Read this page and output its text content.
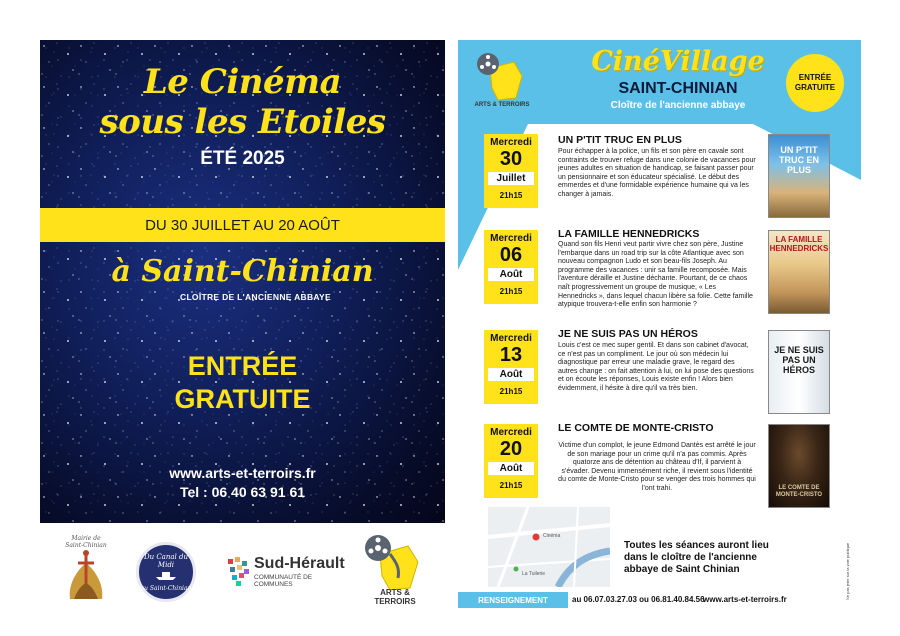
Le Cinéma
sous les Etoiles
ÉTÉ 2025
DU 30 JUILLET AU 20 AOÛT
à Saint-Chinian
CLOÎTRE DE L'ANCIENNE ABBAYE
ENTRÉE
GRATUITE
www.arts-et-terroirs.fr
Tel : 06 40 63 91 61
Mairie de
Saint-Chinian
Du Canal du Midi
au Saint-Chinian
Sud-Hérault
COMMUNAUTÉ DE COMMUNES
ARTS & TERROIRS
ARTS & TERROIRS
CinéVillage
SAINT-CHINIAN
Cloître de l'ancienne abbaye
ENTRÉE
GRATUITE
Mercredi
30
Juillet
21h15
UN P'TIT TRUC EN PLUS
Pour échapper à la police, un fils et son père en cavale sont contraints de trouver refuge dans une colonie de vacances pour jeunes adultes en situation de handicap, se faisant passer pour un pensionnaire et son éducateur spécialisé. Le début des emmerdes et d'une formidable expérience humaine qui va les changer à jamais.
UN P'TIT TRUC EN PLUS
Mercredi
06
Août
21h15
LA FAMILLE HENNEDRICKS
Quand son fils Henri veut partir vivre chez son père, Justine l'embarque dans un road trip sur la côte Atlantique avec son nouveau compagnon Ludo et son beau-fils Joseph. Au programme des vacances : unir sa famille recomposée. Mais l'aventure déraille et Justine déchante. Pourtant, de ce chaos naît progressivement un groupe de musique, « Les Hennedricks », dans lequel chacun libère sa folie. Cette famille atypique trouvera-t-elle enfin son harmonie ?
LA FAMILLE HENNEDRICKS
Mercredi
13
Août
21h15
JE NE SUIS PAS UN HÉROS
Louis c'est ce mec super gentil. Et dans son cabinet d'avocat, ce n'est pas un compliment. Le jour où son médecin lui diagnostique par erreur une maladie grave, le regard des autres change : on fait attention à lui, on lui pose des questions et on écoute les réponses, Louis existe enfin ! Alors bien évidemment, il hésite à dire qu'il va très bien.
JE NE SUIS PAS UN HÉROS
Mercredi
20
Août
21h15
LE COMTE DE MONTE-CRISTO
Victime d'un complot, le jeune Edmond Dantès est arrêté le jour de son mariage pour un crime qu'il n'a pas commis. Après quatorze ans de détention au château d'If, il parvient à s'évader. Devenu immensément riche, il revient sous l'identité du comte de Monte-Cristo pour se venger des trois hommes qui l'ont trahi.	LE COMTE DE MONTE-CRISTO
La Tuilerie
Cinéma
Toutes les séances auront lieu dans le cloître de l'ancienne abbaye de Saint Chinian
RENSEIGNEMENT	au 06.07.03.27.03 ou 06.81.40.84.56
www.arts-et-terroirs.fr	Ne pas jeter sur la voie publique
